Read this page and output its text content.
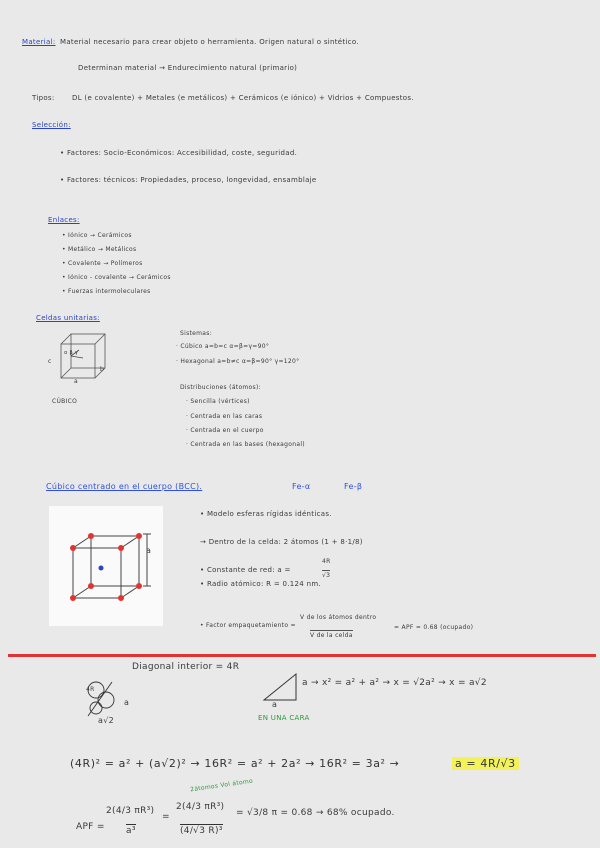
Material: Material necesario para crear objeto o herramienta. Origen natural o sintético.
Determinan material → Endurecimiento natural (primario)
Tipos: DL (e covalente) + Metales (e metálicos) + Cerámicos (e iónico) + Vidrios + Compuestos.
Selección:
• Factores: Socio-Económicos: Accesibilidad, coste, seguridad.
• Factores: técnicos: Propiedades, proceso, longevidad, ensamblaje
Enlaces:
• Iónico → Cerámicos
• Metálico → Metálicos
• Covalente → Polímeros
• Iónico - covalente → Cerámicos
• Fuerzas intermoleculares
Celdas unitarias:
c
a
b
α β γ
CÚBICO
Sistemas:
· Cúbico a=b=c α=β=γ=90°
· Hexagonal a=b≠c α=β=90° γ=120°
Distribuciones (átomos):
· Sencilla (vértices)
· Centrada en las caras
· Centrada en el cuerpo
· Centrada en las bases (hexagonal)
Cúbico centrado en el cuerpo (BCC).	Fe-α	Fe-β
a
• Modelo esferas rígidas idénticas.
→ Dentro de la celda: 2 átomos (1 + 8·1/8)
• Constante de red: a =
4R
√3
• Radio atómico: R = 0.124 nm.
• Factor empaquetamiento =
V de los átomos dentro
V de la celda
= APF = 0.68 (ocupado)
Diagonal interior = 4R
4R
a
a√2
a
EN UNA CARA
a → x² = a² + a² → x = √2a² → x = a√2
(4R)² = a² + (a√2)² → 16R² = a² + 2a² → 16R² = 3a² →	a = 4R/√3
2átomos Vol átomo
APF =
2(4/3 πR³)
a³
=
2(4/3 πR³)
(4/√3 R)³
= √3/8 π = 0.68 → 68% ocupado.
